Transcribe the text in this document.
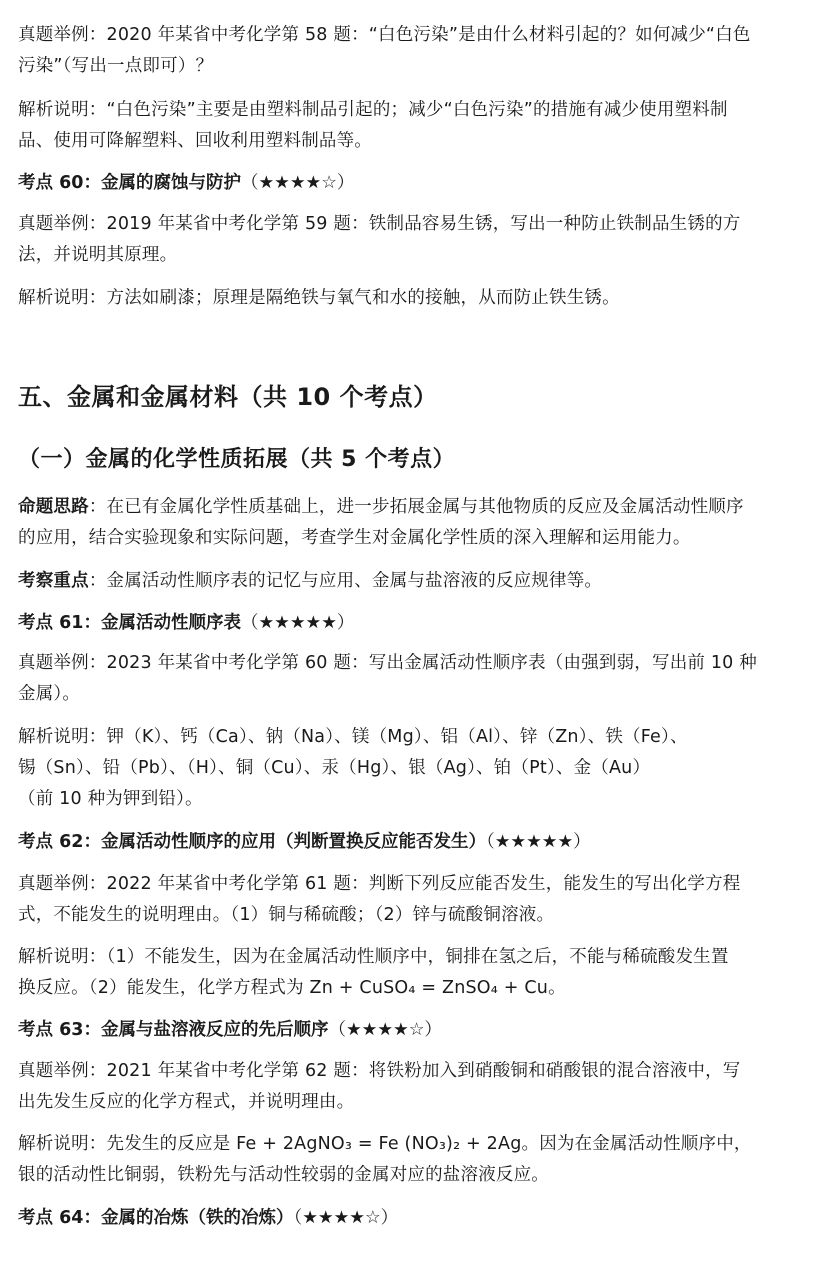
真题举例：2020 年某省中考化学第 58 题：“白色污染”是由什么材料引起的？如何减少“白色

污染”（写出一点即可）？

解析说明：“白色污染”主要是由塑料制品引起的；减少“白色污染”的措施有减少使用塑料制

品、使用可降解塑料、回收利用塑料制品等。

考点 60：金属的腐蚀与防护（★★★★☆）

真题举例：2019 年某省中考化学第 59 题：铁制品容易生锈，写出一种防止铁制品生锈的方

法，并说明其原理。

解析说明：方法如刷漆；原理是隔绝铁与氧气和水的接触，从而防止铁生锈。

五、金属和金属材料（共 10 个考点）

（一）金属的化学性质拓展（共 5 个考点）

命题思路：在已有金属化学性质基础上，进一步拓展金属与其他物质的反应及金属活动性顺序

的应用，结合实验现象和实际问题，考查学生对金属化学性质的深入理解和运用能力。

考察重点：金属活动性顺序表的记忆与应用、金属与盐溶液的反应规律等。

考点 61：金属活动性顺序表（★★★★★）

真题举例：2023 年某省中考化学第 60 题：写出金属活动性顺序表（由强到弱，写出前 10 种

金属）。

解析说明：钾（K）、钙（Ca）、钠（Na）、镁（Mg）、铝（Al）、锌（Zn）、铁（Fe）、

锡（Sn）、铅（Pb）、（H）、铜（Cu）、汞（Hg）、银（Ag）、铂（Pt）、金（Au）

（前 10 种为钾到铅）。

考点 62：金属活动性顺序的应用（判断置换反应能否发生）（★★★★★）

真题举例：2022 年某省中考化学第 61 题：判断下列反应能否发生，能发生的写出化学方程

式，不能发生的说明理由。（1）铜与稀硫酸；（2）锌与硫酸铜溶液。

解析说明：（1）不能发生，因为在金属活动性顺序中，铜排在氢之后，不能与稀硫酸发生置

换反应。（2）能发生，化学方程式为 Zn + CuSO₄ = ZnSO₄ + Cu。

考点 63：金属与盐溶液反应的先后顺序（★★★★☆）

真题举例：2021 年某省中考化学第 62 题：将铁粉加入到硝酸铜和硝酸银的混合溶液中，写

出先发生反应的化学方程式，并说明理由。

解析说明：先发生的反应是 Fe + 2AgNO₃ = Fe (NO₃)₂ + 2Ag。因为在金属活动性顺序中，

银的活动性比铜弱，铁粉先与活动性较弱的金属对应的盐溶液反应。

考点 64：金属的冶炼（铁的冶炼）（★★★★☆）
